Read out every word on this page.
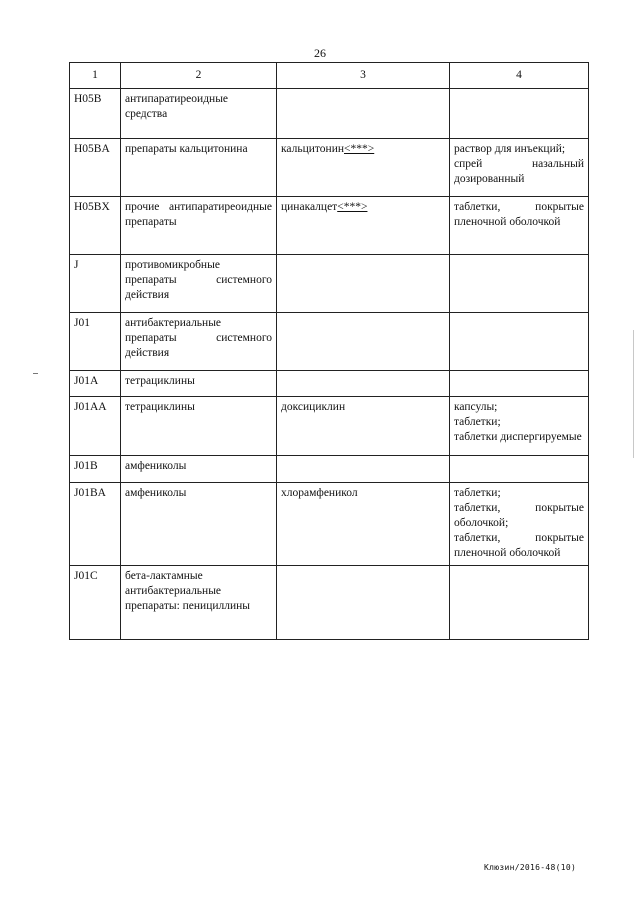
26
1	2	3	4
H05B	антипаратиреоидные средства		
H05BA	препараты кальцитонина	кальцитонин<***>	раствор для инъекций;
спрей назальный дозированный

H05BX	прочие антипаратиреоидные препараты	цинакалцет<***>	таблетки, покрытые пленочной оболочкой

J	противомикробные препараты системного действия		
J01	антибактериальные препараты системного действия		
J01A	тетрациклины		
J01AA	тетрациклины	доксициклин	капсулы;
таблетки;
таблетки диспергируемые

J01B	амфениколы		
J01BA	амфениколы	хлорамфеникол	таблетки;
таблетки, покрытые оболочкой;
таблетки, покрытые пленочной оболочкой

J01C	бета-лактамные антибактериальные препараты: пенициллины		
Клюзин/2016-48(10)
